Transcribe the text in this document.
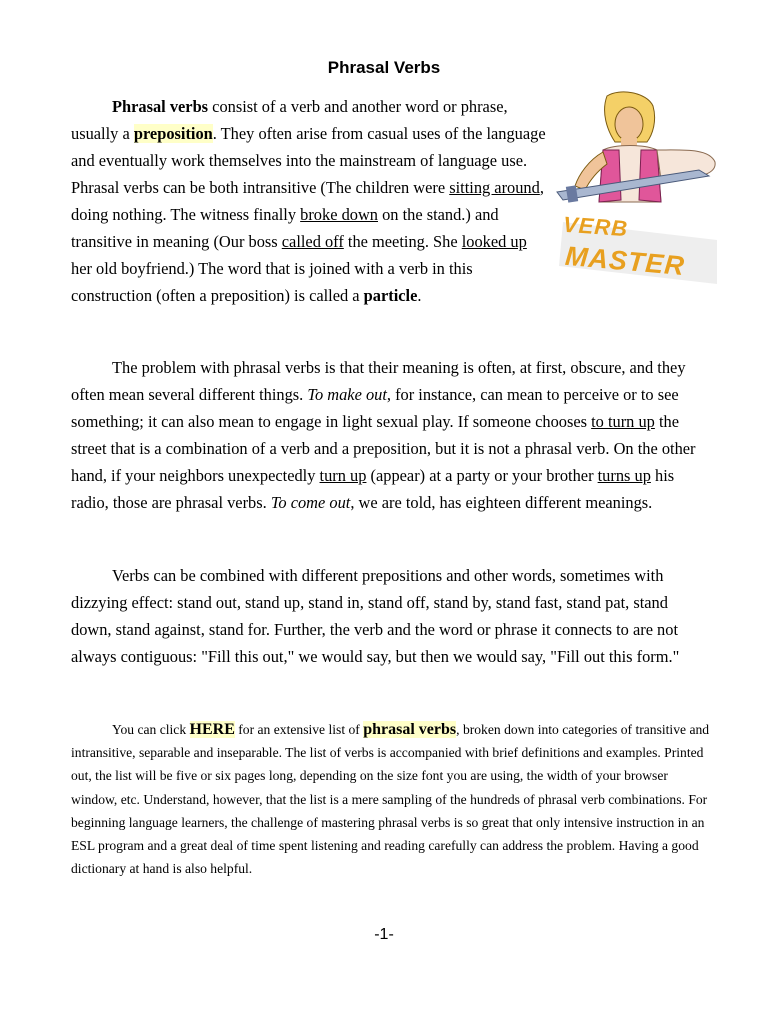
Phrasal Verbs
VERB
MASTER

Phrasal verbs consist of a verb and another word or phrase, usually a preposition. They often arise from casual uses of the language and eventually work themselves into the mainstream of language use. Phrasal verbs can be both intransitive (The children were sitting around, doing nothing. The witness finally broke down on the stand.) and transitive in meaning (Our boss called off the meeting. She looked up her old boyfriend.) The word that is joined with a verb in this construction (often a preposition) is called a particle.

The problem with phrasal verbs is that their meaning is often, at first, obscure, and they often mean several different things. To make out, for instance, can mean to perceive or to see something; it can also mean to engage in light sexual play. If someone chooses to turn up the street that is a combination of a verb and a preposition, but it is not a phrasal verb. On the other hand, if your neighbors unexpectedly turn up (appear) at a party or your brother turns up his radio, those are phrasal verbs. To come out, we are told, has eighteen different meanings.

Verbs can be combined with different prepositions and other words, sometimes with dizzying effect: stand out, stand up, stand in, stand off, stand by, stand fast, stand pat, stand down, stand against, stand for. Further, the verb and the word or phrase it connects to are not always contiguous: "Fill this out," we would say, but then we would say, "Fill out this form."

You can click HERE for an extensive list of phrasal verbs, broken down into categories of transitive and intransitive, separable and inseparable. The list of verbs is accompanied with brief definitions and examples. Printed out, the list will be five or six pages long, depending on the size font you are using, the width of your browser window, etc. Understand, however, that the list is a mere sampling of the hundreds of phrasal verb combinations. For beginning language learners, the challenge of mastering phrasal verbs is so great that only intensive instruction in an ESL program and a great deal of time spent listening and reading carefully can address the problem. Having a good dictionary at hand is also helpful.

-1-
